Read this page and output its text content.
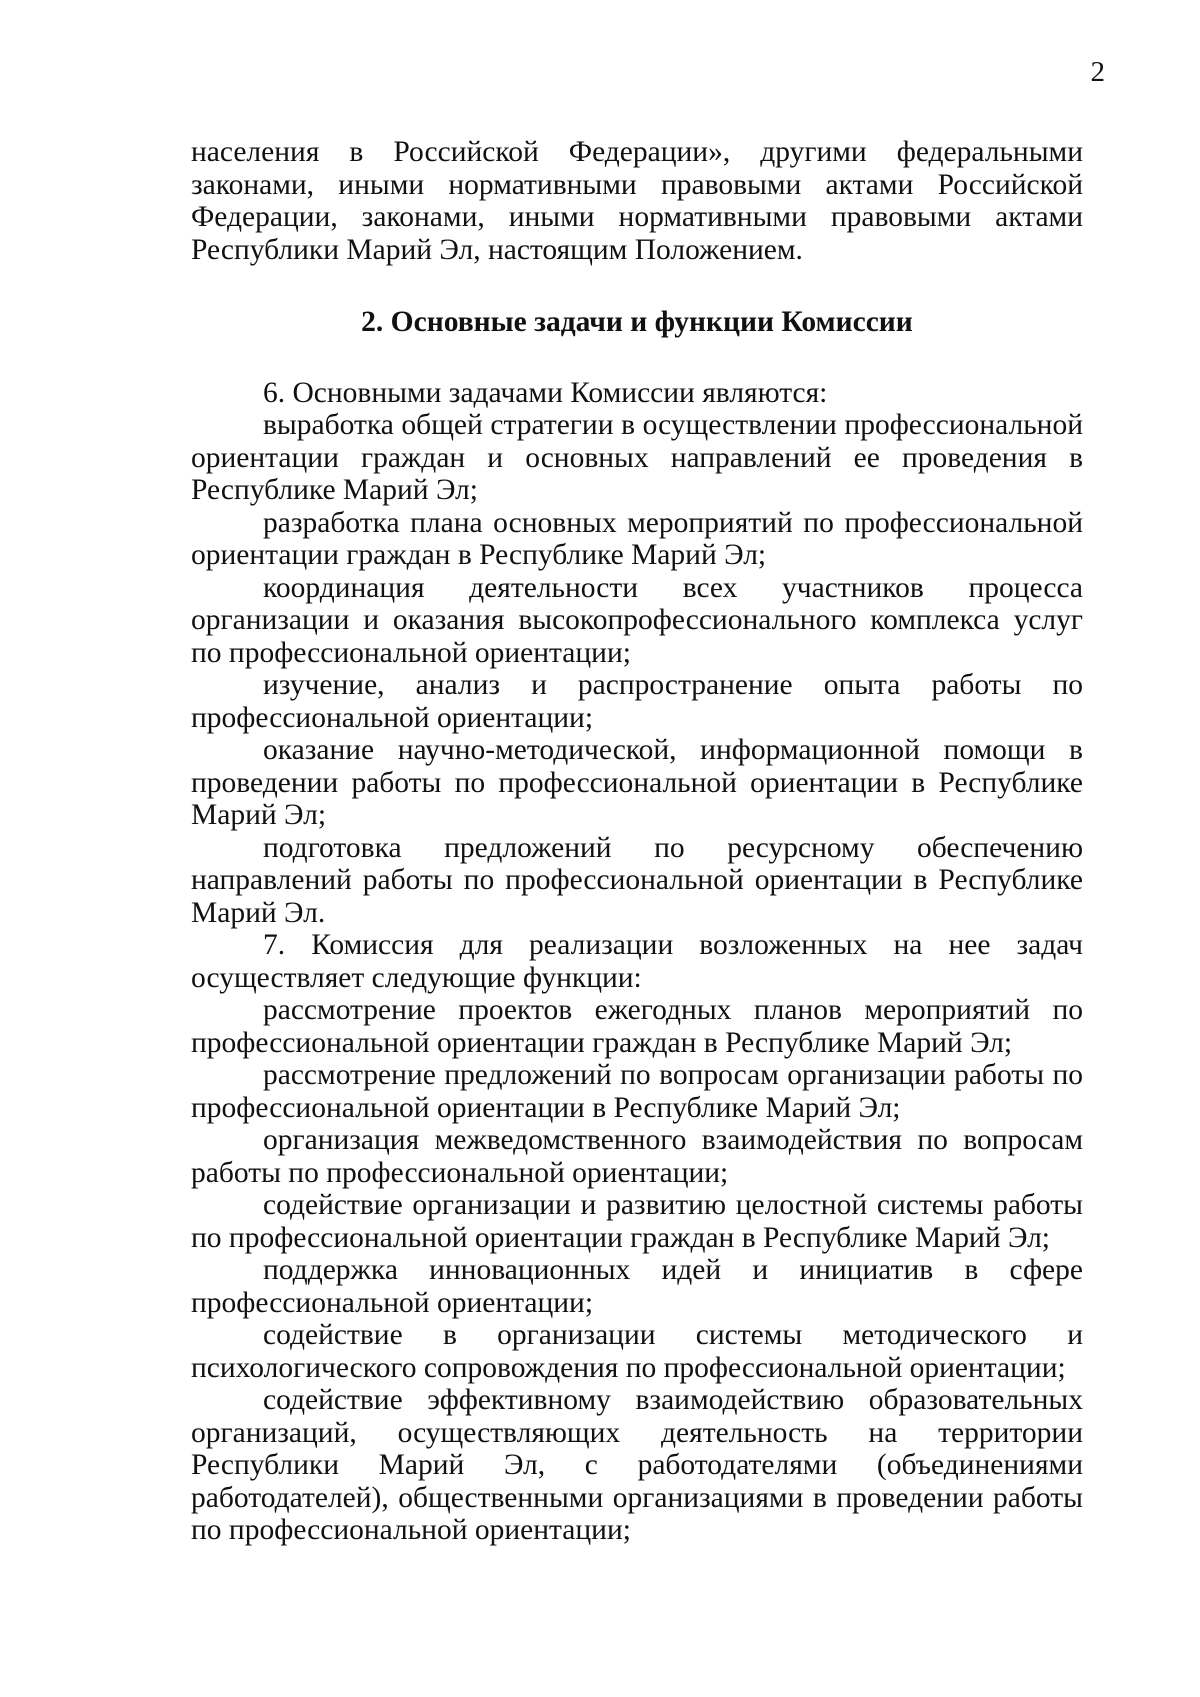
2

населения в Российской Федерации», другими федеральными законами, иными нормативными правовыми актами Российской Федерации, законами, иными нормативными правовыми актами Республики Марий Эл, настоящим Положением.

2. Основные задачи и функции Комиссии

6. Основными задачами Комиссии являются:

выработка общей стратегии в осуществлении профессиональной ориентации граждан и основных направлений ее проведения в Республике Марий Эл;

разработка плана основных мероприятий по профессиональной ориентации граждан в Республике Марий Эл;

координация деятельности всех участников процесса организации и оказания высокопрофессионального комплекса услуг по профессиональной ориентации;

изучение, анализ и распространение опыта работы по профессиональной ориентации;

оказание научно-методической, информационной помощи в проведении работы по профессиональной ориентации в Республике Марий Эл;

подготовка предложений по ресурсному обеспечению направлений работы по профессиональной ориентации в Республике Марий Эл.

7. Комиссия для реализации возложенных на нее задач осуществляет следующие функции:

рассмотрение проектов ежегодных планов мероприятий по профессиональной ориентации граждан в Республике Марий Эл;

рассмотрение предложений по вопросам организации работы по профессиональной ориентации в Республике Марий Эл;

организация межведомственного взаимодействия по вопросам работы по профессиональной ориентации;

содействие организации и развитию целостной системы работы по профессиональной ориентации граждан в Республике Марий Эл;

поддержка инновационных идей и инициатив в сфере профессиональной ориентации;

содействие в организации системы методического и психологического сопровождения по профессиональной ориентации;

содействие эффективному взаимодействию образовательных организаций, осуществляющих деятельность на территории Республики Марий Эл, с работодателями (объединениями работодателей), общественными организациями в проведении работы по профессиональной ориентации;
